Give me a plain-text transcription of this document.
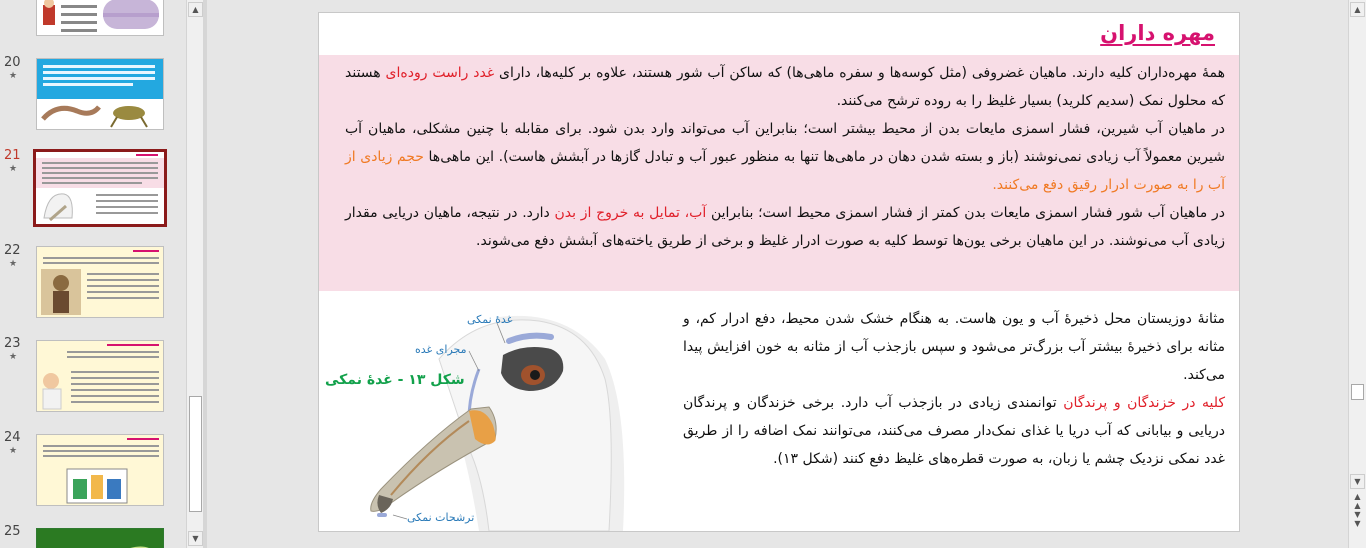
20
★
21
★
22
★
23
★
24
★
25
▲
▼
مهره داران
همهٔ مهره‌داران کلیه دارند. ماهیان غضروفی (مثل کوسه‌ها و سفره ماهی‌ها) که ساکن آب شور هستند، علاوه بر کلیه‌ها، دارای غدد راست روده‌ای هستند که محلول نمک (سدیم کلرید) بسیار غلیظ را به روده ترشح می‌کنند.
در ماهیان آب شیرین، فشار اسمزی مایعات بدن از محیط بیشتر است؛ بنابراین آب می‌تواند وارد بدن شود. برای مقابله با چنین مشکلی، ماهیان آب شیرین معمولاً آب زیادی نمی‌نوشند (باز و بسته شدن دهان در ماهی‌ها تنها به منظور عبور آب و تبادل گازها در آبشش هاست). این ماهی‌ها حجم زیادی از آب را به صورت ادرار رقیق دفع می‌کنند.
در ماهیان آب شور فشار اسمزی مایعات بدن کمتر از فشار اسمزی محیط است؛ بنابراین آب، تمایل به خروج از بدن دارد. در نتیجه، ماهیان دریایی مقدار زیادی آب می‌نوشند. در این ماهیان برخی یون‌ها توسط کلیه به صورت ادرار غلیظ و برخی از طریق یاخته‌های آبشش دفع می‌شوند.
مثانهٔ دوزیستان محل ذخیرهٔ آب و یون هاست. به هنگام خشک شدن محیط، دفع ادرار کم، و مثانه برای ذخیرهٔ بیشتر آب بزرگ‌تر می‌شود و سپس بازجذب آب از مثانه به خون افزایش پیدا می‌کند.
کلیه در خزندگان و پرندگان توانمندی زیادی در بازجذب آب دارد. برخی خزندگان و پرندگان دریایی و بیابانی که آب دریا یا غذای نمک‌دار مصرف می‌کنند، می‌توانند نمک اضافه را از طریق غدد نمکی نزدیک چشم یا زبان، به صورت قطره‌های غلیظ دفع کنند (شکل ۱۳).
غدهٔ نمکی
مجرای غده
ترشحات نمکی
شکل ۱۳ - غدهٔ نمکی
▲
▼
▲
▲
▼
▼
